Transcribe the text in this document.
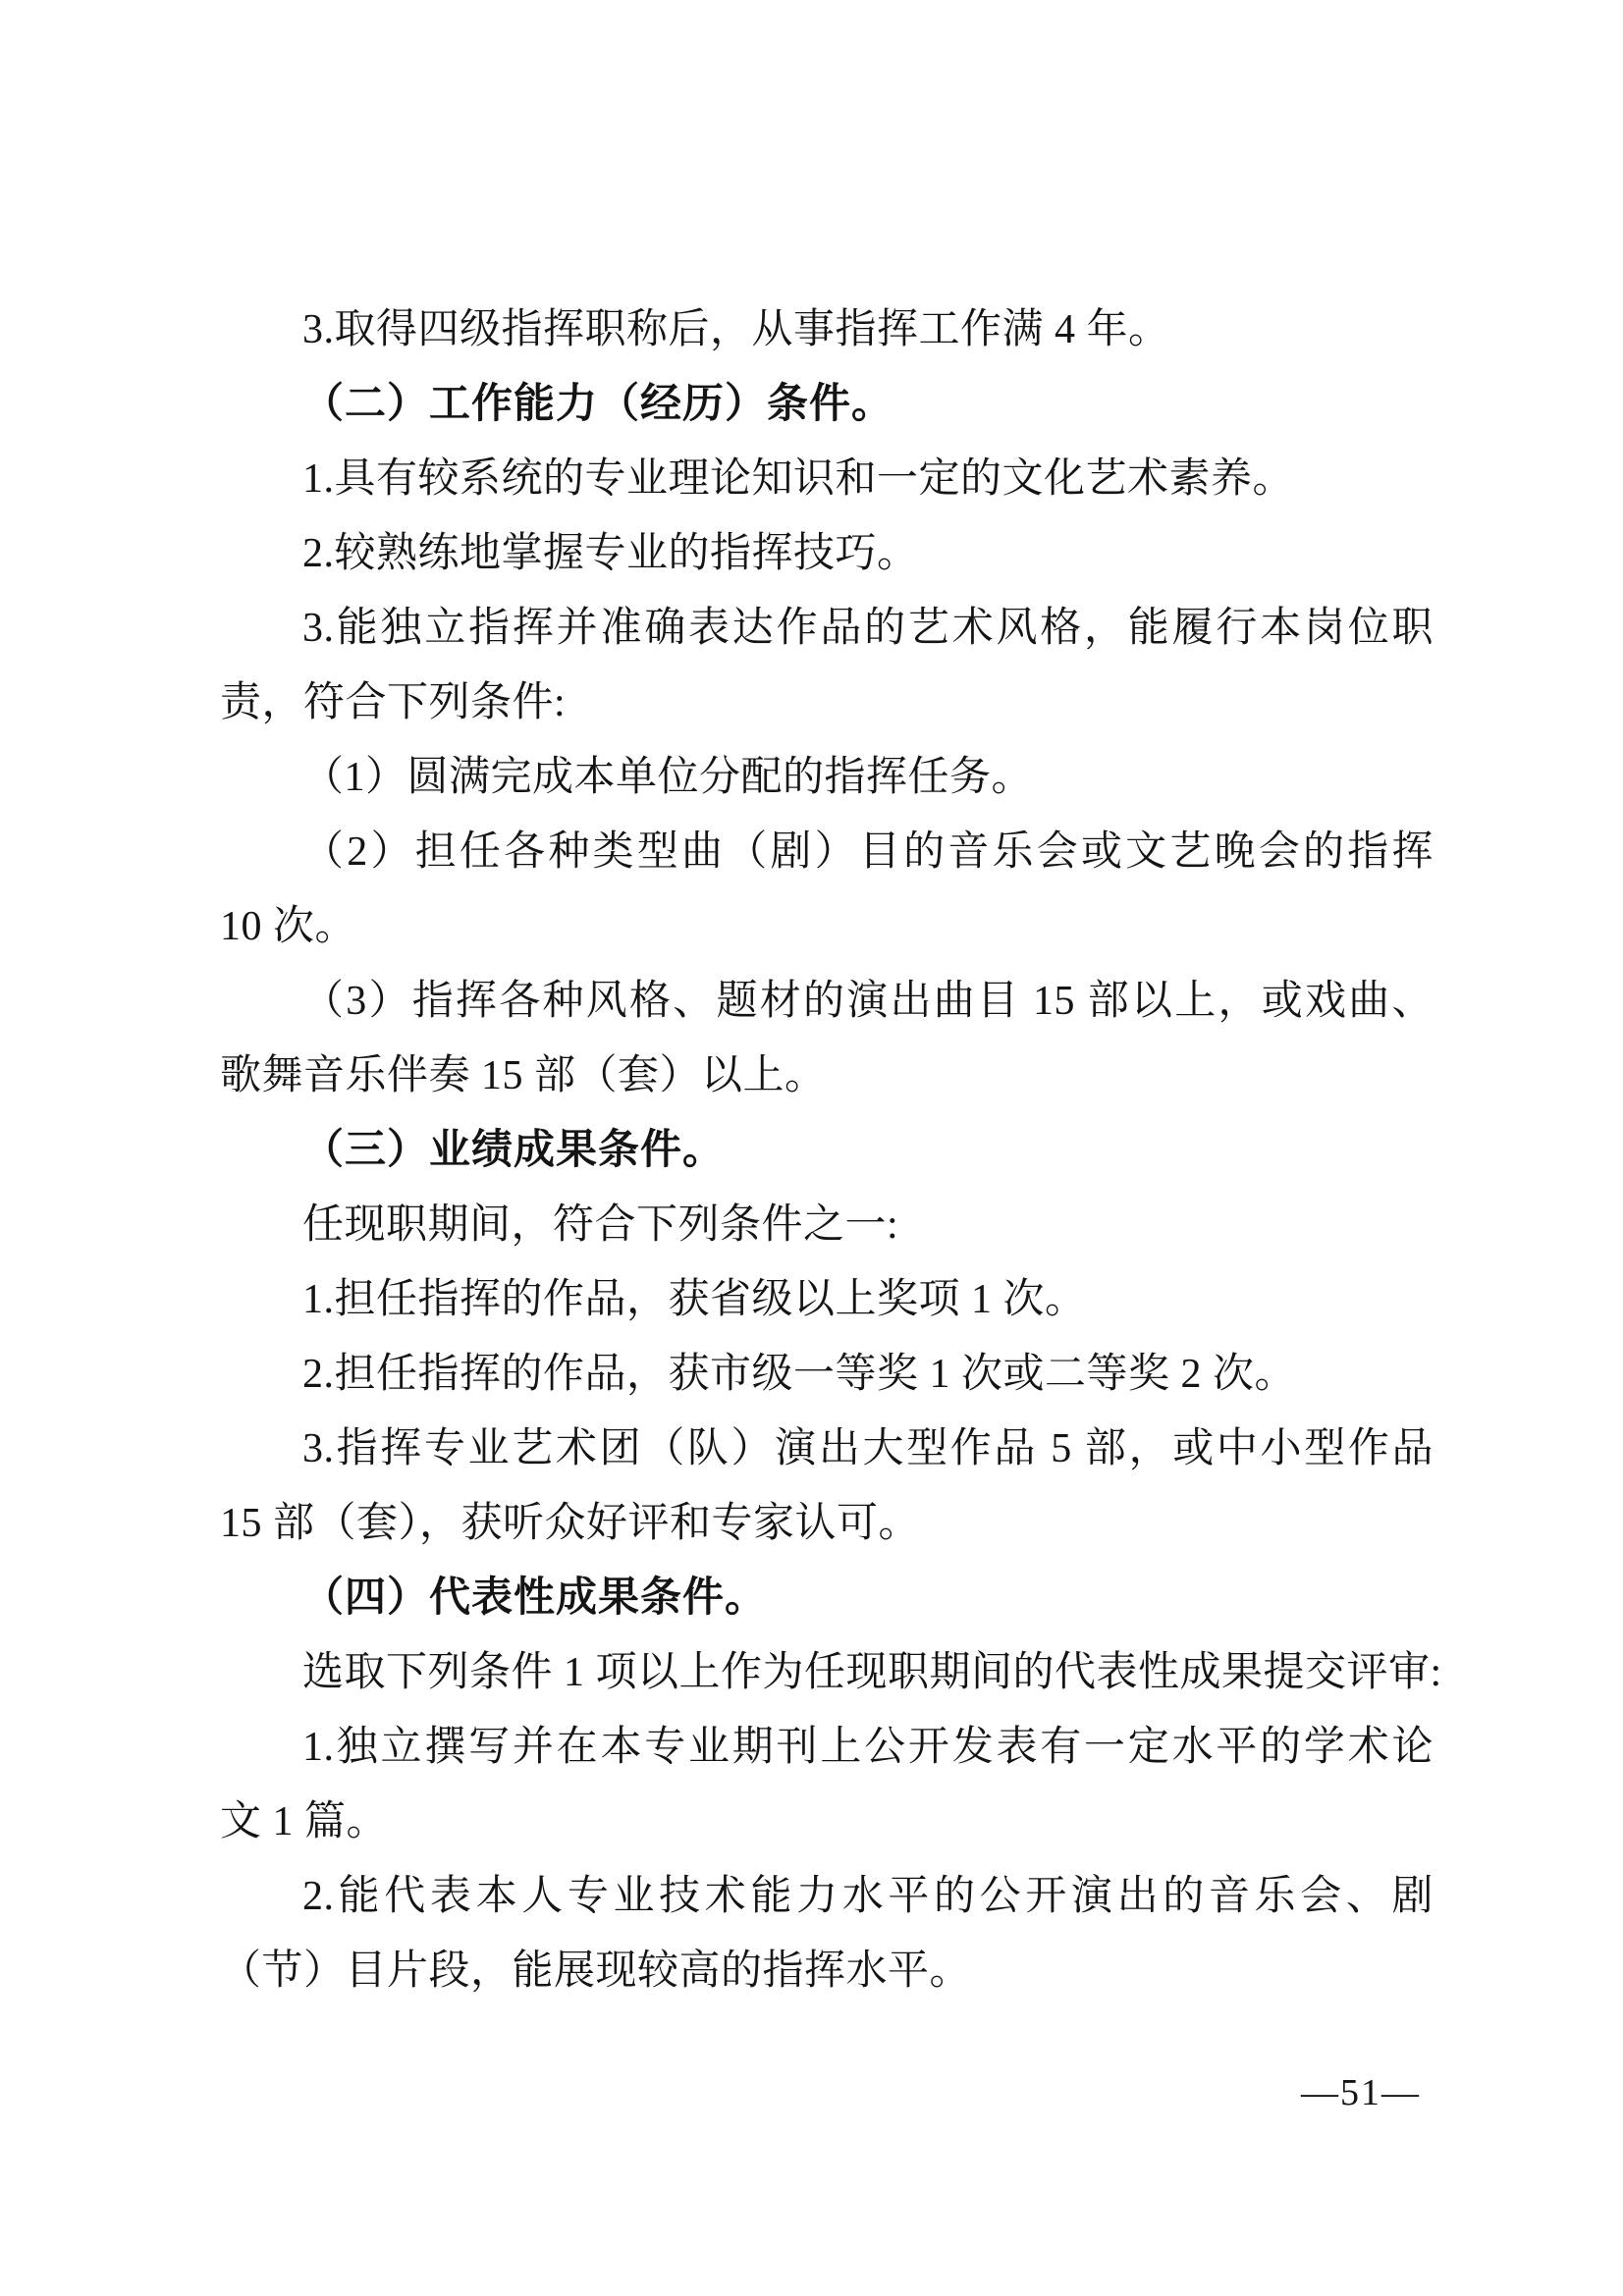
3.取得四级指挥职称后，从事指挥工作满 4 年。

（二）工作能力（经历）条件。

1.具有较系统的专业理论知识和一定的文化艺术素养。

2.较熟练地掌握专业的指挥技巧。

3.能独立指挥并准确表达作品的艺术风格，能履行本岗位职

责，符合下列条件:

（1）圆满完成本单位分配的指挥任务。

（2）担任各种类型曲（剧）目的音乐会或文艺晚会的指挥

10 次。

（3）指挥各种风格、题材的演出曲目 15 部以上，或戏曲、

歌舞音乐伴奏 15 部（套）以上。

（三）业绩成果条件。

任现职期间，符合下列条件之一:

1.担任指挥的作品，获省级以上奖项 1 次。

2.担任指挥的作品，获市级一等奖 1 次或二等奖 2 次。

3.指挥专业艺术团（队）演出大型作品 5 部，或中小型作品

15 部（套），获听众好评和专家认可。

（四）代表性成果条件。

选取下列条件 1 项以上作为任现职期间的代表性成果提交评审:

1.独立撰写并在本专业期刊上公开发表有一定水平的学术论

文 1 篇。

2.能代表本人专业技术能力水平的公开演出的音乐会、剧

（节）目片段，能展现较高的指挥水平。

—51—
